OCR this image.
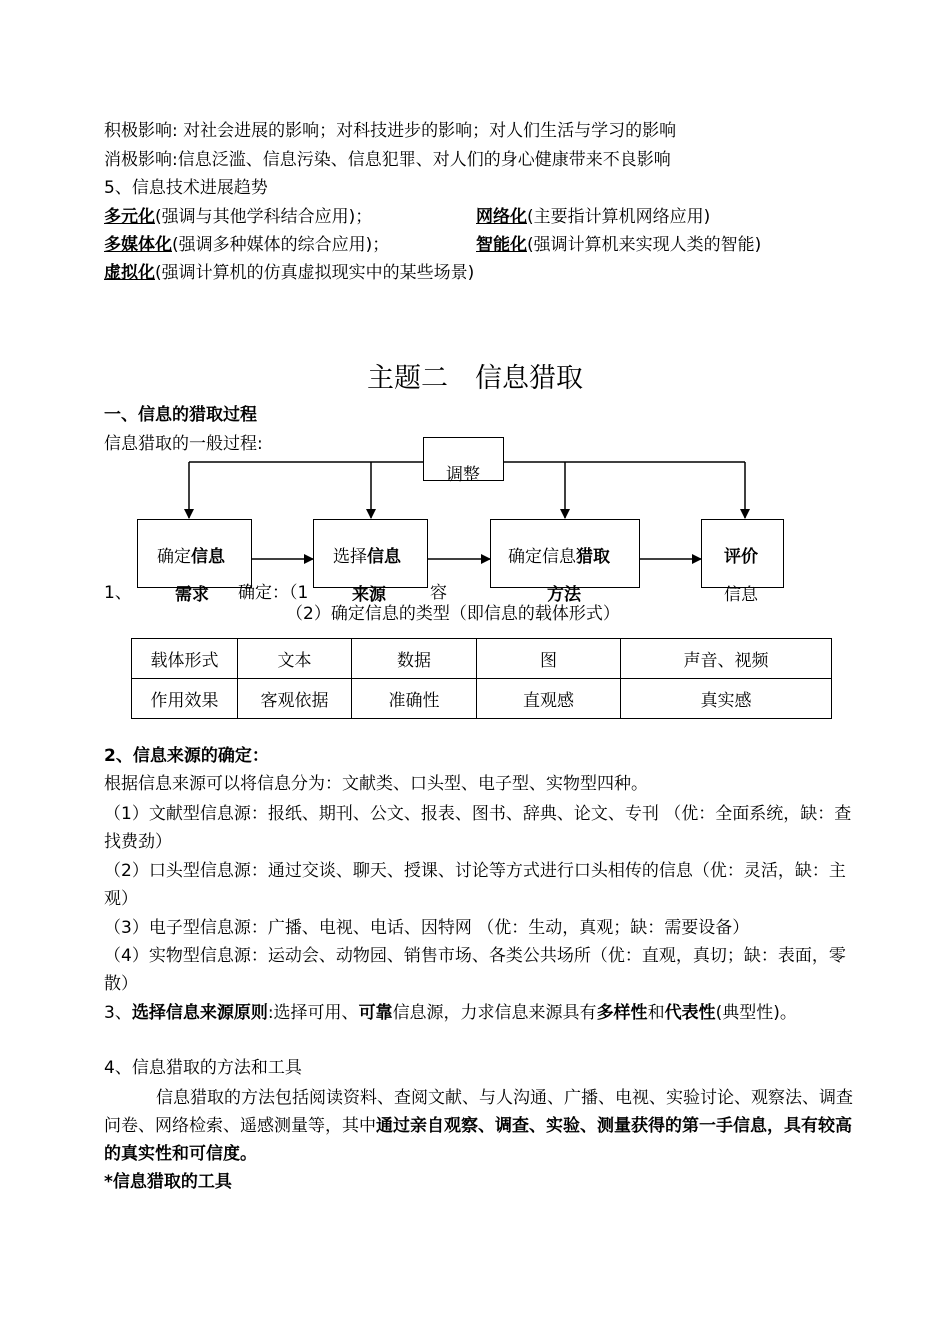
积极影响: 对社会进展的影响；对科技进步的影响；对人们生活与学习的影响
消极影响:信息泛滥、信息污染、信息犯罪、对人们的身心健康带来不良影响
5、信息技术进展趋势
多元化(强调与其他学科结合应用)；	网络化(主要指计算机网络应用)
多媒体化(强调多种媒体的综合应用)；	智能化(强调计算机来实现人类的智能)
虚拟化(强调计算机的仿真虚拟现实中的某些场景)
主题二　信息猎取
一、信息的猎取过程
信息猎取的一般过程:
调整
确定信息	选择信息	确定信息猎取	评价
1、	需求 确定：（1	来源	容	方法	信息
（2）确定信息的类型（即信息的载体形式）
载体形式	文本	数据	图	声音、视频
作用效果	客观依据	准确性	直观感	真实感
2、信息来源的确定：
根据信息来源可以将信息分为：文献类、口头型、电子型、实物型四种。
（1）文献型信息源：报纸、期刊、公文、报表、图书、辞典、论文、专刊 （优：全面系统，缺：查找费劲）
（2）口头型信息源：通过交谈、聊天、授课、讨论等方式进行口头相传的信息（优：灵活，缺：主观）
（3）电子型信息源：广播、电视、电话、因特网 （优：生动，真观；缺：需要设备）
（4）实物型信息源：运动会、动物园、销售市场、各类公共场所（优：直观，真切；缺：表面，零散）
3、选择信息来源原则:选择可用、可靠信息源，力求信息来源具有多样性和代表性(典型性)。
4、信息猎取的方法和工具
信息猎取的方法包括阅读资料、查阅文献、与人沟通、广播、电视、实验讨论、观察法、调查问卷、网络检索、遥感测量等，其中通过亲自观察、调查、实验、测量获得的第一手信息，具有较高的真实性和可信度。
*信息猎取的工具
